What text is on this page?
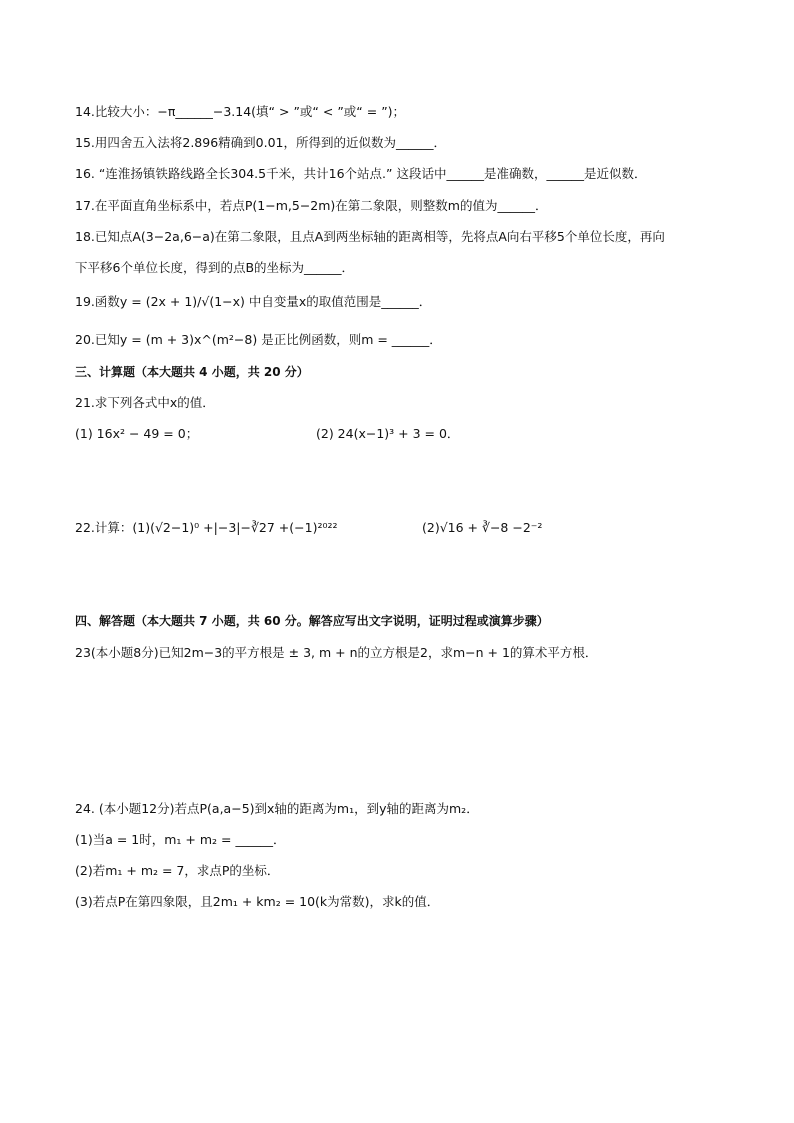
14.比较大小：−π______−3.14(填“ > ”或“ < ”或“ = ”)；
15.用四舍五入法将2.896精确到0.01，所得到的近似数为______．
16. “连淮扬镇铁路线路全长304.5千米，共计16个站点.” 这段话中______是准确数，______是近似数．
17.在平面直角坐标系中，若点P(1−m,5−2m)在第二象限，则整数m的值为______．
18.已知点A(3−2a,6−a)在第二象限，且点A到两坐标轴的距离相等，先将点A向右平移5个单位长度，再向
下平移6个单位长度，得到的点B的坐标为______．
19.函数y = (2x + 1)/√(1−x) 中自变量x的取值范围是______．
20.已知y = (m + 3)x^(m²−8) 是正比例函数，则m = ______．
三、计算题（本大题共 4 小题，共 20 分）
21.求下列各式中x的值．
(1) 16x² − 49 = 0；	(2) 24(x−1)³ + 3 = 0．
22.计算：(1)(√2−1)⁰ +|−3|−∛27 +(−1)²⁰²²	(2)√16 + ∛−8 −2⁻²
四、解答题（本大题共 7 小题，共 60 分。解答应写出文字说明，证明过程或演算步骤）
23(本小题8分)已知2m−3的平方根是 ± 3, m + n的立方根是2，求m−n + 1的算术平方根．
24. (本小题12分)若点P(a,a−5)到x轴的距离为m₁，到y轴的距离为m₂．
(1)当a = 1时，m₁ + m₂ = ______．
(2)若m₁ + m₂ = 7，求点P的坐标．
(3)若点P在第四象限，且2m₁ + km₂ = 10(k为常数)，求k的值．
